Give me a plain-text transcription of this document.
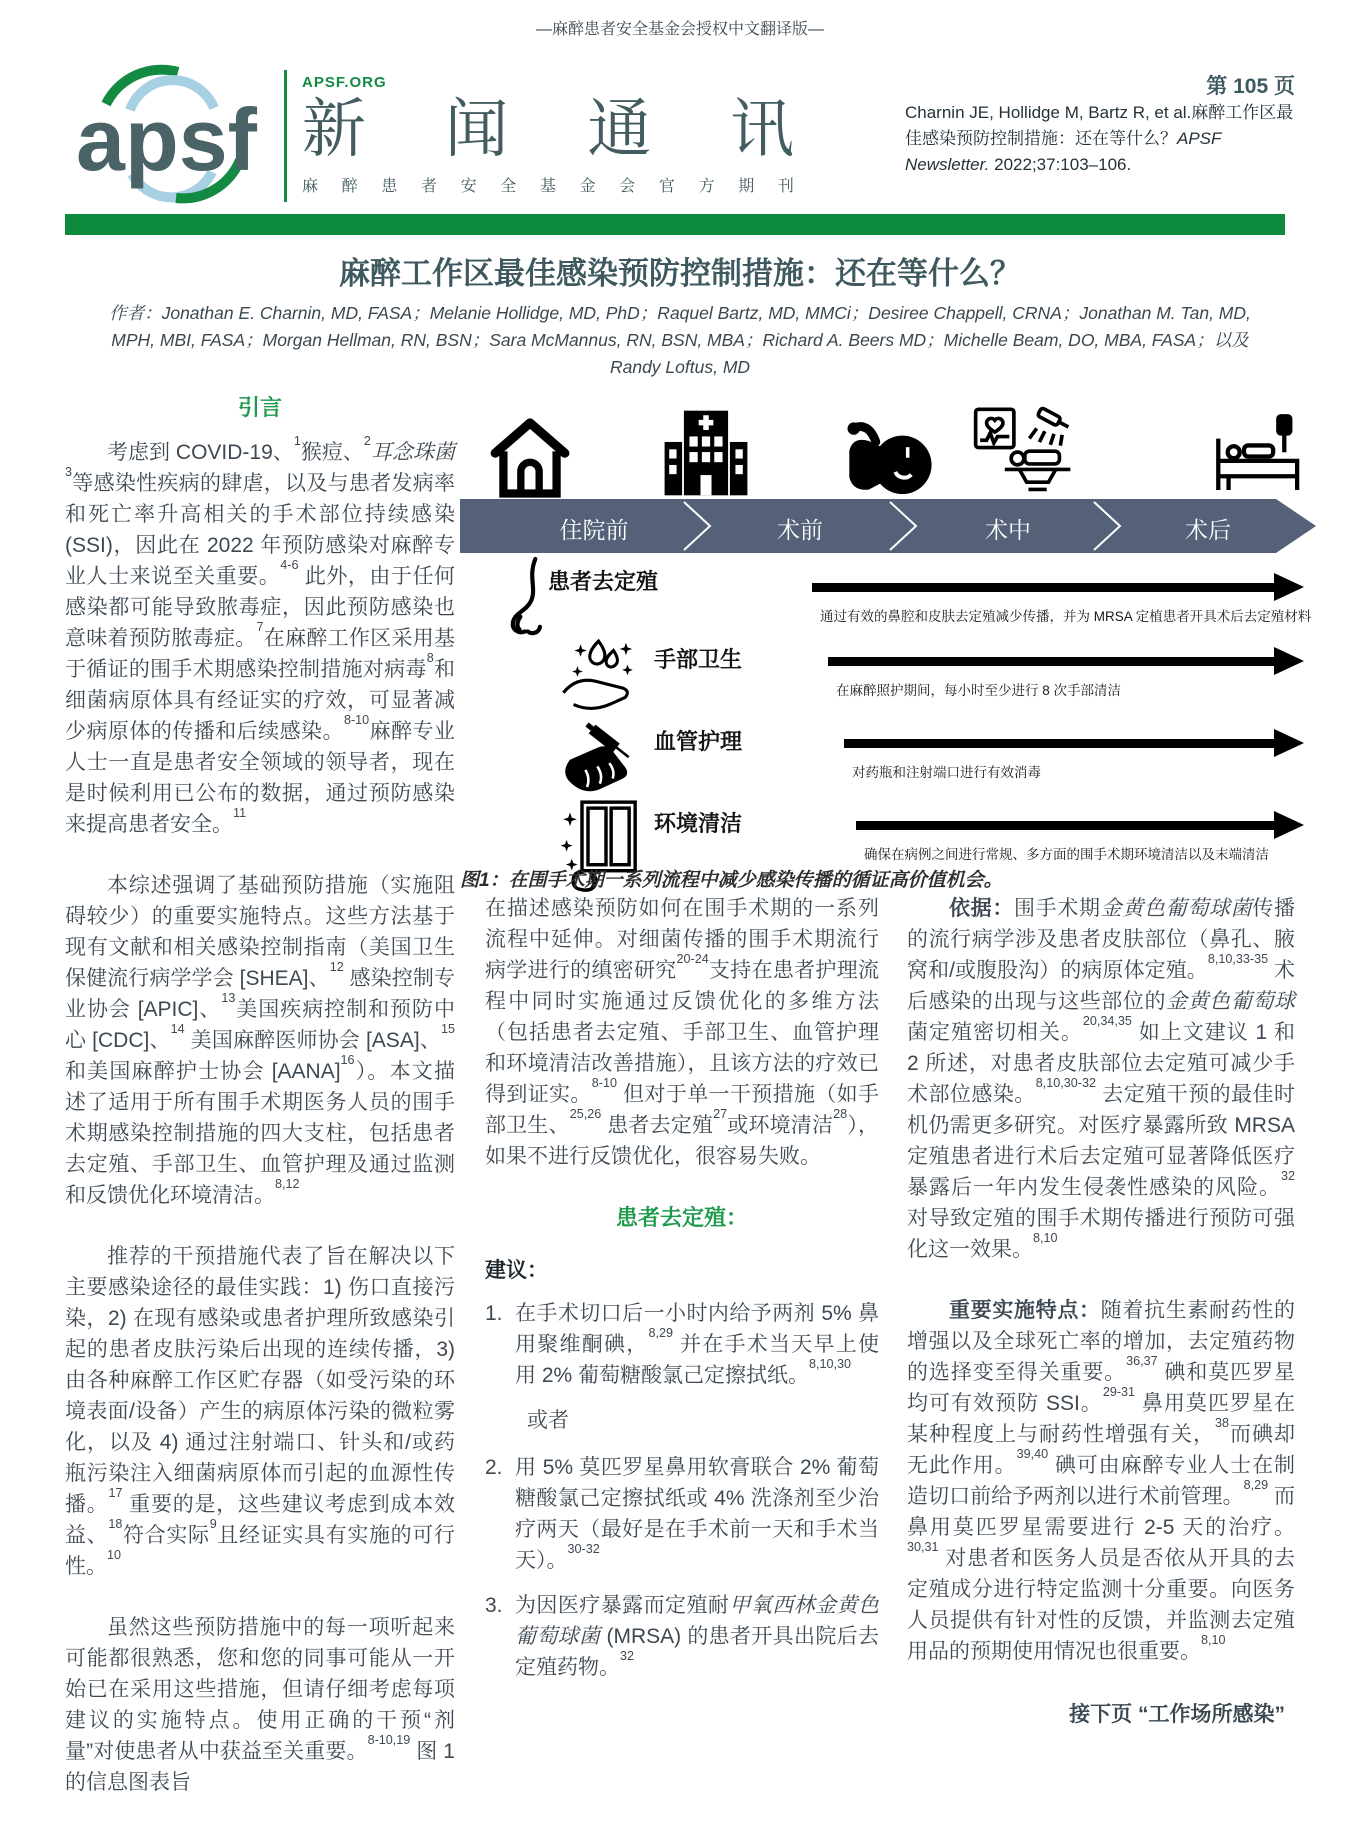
—麻醉患者安全基金会授权中文翻译版—
第 105 页
apsf
APSF.ORG
新 闻 通 讯
麻 醉 患 者 安 全 基 金 会 官 方 期 刊
Charnin JE, Hollidge M, Bartz R, et al.麻醉工作区最佳感染预防控制措施：还在等什么？APSF Newsletter. 2022;37:103–106.
麻醉工作区最佳感染预防控制措施：还在等什么？
作者：Jonathan E. Charnin, MD, FASA；Melanie Hollidge, MD, PhD；Raquel Bartz, MD, MMCi；Desiree Chappell, CRNA；Jonathan M. Tan, MD,
MPH, MBI, FASA；Morgan Hellman, RN, BSN；Sara McMannus, RN, BSN, MBA；Richard A. Beers MD；Michelle Beam, DO, MBA, FASA；以及
Randy Loftus, MD
引言

考虑到 COVID-19、$^1$猴痘、$^2$耳念珠菌$^3$等感染性疾病的肆虐，以及与患者发病率和死亡率升高相关的手术部位持续感染 (SSI)，因此在 2022 年预防感染对麻醉专业人士来说至关重要。$^{4-6}$ 此外，由于任何感染都可能导致脓毒症，因此预防感染也意味着预防脓毒症。$^7$在麻醉工作区采用基于循证的围手术期感染控制措施对病毒$^8$和细菌病原体具有经证实的疗效，可显著减少病原体的传播和后续感染。$^{8-10}$麻醉专业人士一直是患者安全领域的领导者，现在是时候利用已公布的数据，通过预防感染来提高患者安全。$^{11}$

本综述强调了基础预防措施（实施阻碍较少）的重要实施特点。这些方法基于现有文献和相关感染控制指南（美国卫生保健流行病学学会 [SHEA]、$^{12}$ 感染控制专业协会 [APIC]、$^{13}$美国疾病控制和预防中心 [CDC]、$^{14}$ 美国麻醉医师协会 [ASA]、$^{15}$ 和美国麻醉护士协会 [AANA]$^{16}$）。本文描述了适用于所有围手术期医务人员的围手术期感染控制措施的四大支柱，包括患者去定殖、手部卫生、血管护理及通过监测和反馈优化环境清洁。$^{8,12}$

推荐的干预措施代表了旨在解决以下主要感染途径的最佳实践：1) 伤口直接污染，2) 在现有感染或患者护理所致感染引起的患者皮肤污染后出现的连续传播，3) 由各种麻醉工作区贮存器（如受污染的环境表面/设备）产生的病原体污染的微粒雾化，以及 4) 通过注射端口、针头和/或药瓶污染注入细菌病原体而引起的血源性传播。$^{17}$ 重要的是，这些建议考虑到成本效益、$^{18}$符合实际$^9$且经证实具有实施的可行性。$^{10}$

虽然这些预防措施中的每一项听起来可能都很熟悉，您和您的同事可能从一开始已在采用这些措施，但请仔细考虑每项建议的实施特点。使用正确的干预“剂量”对使患者从中获益至关重要。$^{8-10,19}$ 图 1 的信息图表旨

住院前	术前	术中	术后
患者去定殖
通过有效的鼻腔和皮肤去定殖减少传播，并为 MRSA 定植患者开具术后去定殖材料
手部卫生
在麻醉照护期间，每小时至少进行 8 次手部清洁
血管护理
对药瓶和注射端口进行有效消毒
环境清洁
确保在病例之间进行常规、多方面的围手术期环境清洁以及末端清洁
图1：在围手术期一系列流程中减少感染传播的循证高价值机会。

在描述感染预防如何在围手术期的一系列流程中延伸。对细菌传播的围手术期流行病学进行的缜密研究$^{20-24}$支持在患者护理流程中同时实施通过反馈优化的多维方法（包括患者去定殖、手部卫生、血管护理和环境清洁改善措施），且该方法的疗效已得到证实。$^{8-10}$ 但对于单一干预措施（如手部卫生、$^{25,26}$ 患者去定殖$^{27}$或环境清洁$^{28}$），如果不进行反馈优化，很容易失败。

患者去定殖：
建议：
1. 在手术切口后一小时内给予两剂 5% 鼻用聚维酮碘，$^{8,29}$ 并在手术当天早上使用 2% 葡萄糖酸氯己定擦拭纸。$^{8,10,30}$
或者
2. 用 5% 莫匹罗星鼻用软膏联合 2% 葡萄糖酸氯己定擦拭纸或 4% 洗涤剂至少治疗两天（最好是在手术前一天和手术当天）。$^{30-32}$
3. 为因医疗暴露而定殖耐甲氧西林金黄色葡萄球菌 (MRSA) 的患者开具出院后去定殖药物。$^{32}$

依据：围手术期金黄色葡萄球菌传播的流行病学涉及患者皮肤部位（鼻孔、腋窝和/或腹股沟）的病原体定殖。$^{8,10,33-35}$ 术后感染的出现与这些部位的金黄色葡萄球菌定殖密切相关。$^{20,34,35}$ 如上文建议 1 和 2 所述，对患者皮肤部位去定殖可减少手术部位感染。$^{8,10,30-32}$ 去定殖干预的最佳时机仍需更多研究。对医疗暴露所致 MRSA 定殖患者进行术后去定殖可显著降低医疗暴露后一年内发生侵袭性感染的风险。$^{32}$ 对导致定殖的围手术期传播进行预防可强化这一效果。$^{8,10}$

重要实施特点：随着抗生素耐药性的增强以及全球死亡率的增加，去定殖药物的选择变至得关重要。$^{36,37}$ 碘和莫匹罗星均可有效预防 SSI。$^{29-31}$ 鼻用莫匹罗星在某种程度上与耐药性增强有关，$^{38}$而碘却无此作用。$^{39,40}$ 碘可由麻醉专业人士在制造切口前给予两剂以进行术前管理。$^{8,29}$ 而鼻用莫匹罗星需要进行 2-5 天的治疗。$^{30,31}$ 对患者和医务人员是否依从开具的去定殖成分进行特定监测十分重要。向医务人员提供有针对性的反馈，并监测去定殖用品的预期使用情况也很重要。$^{8,10}$

接下页 “工作场所感染”
